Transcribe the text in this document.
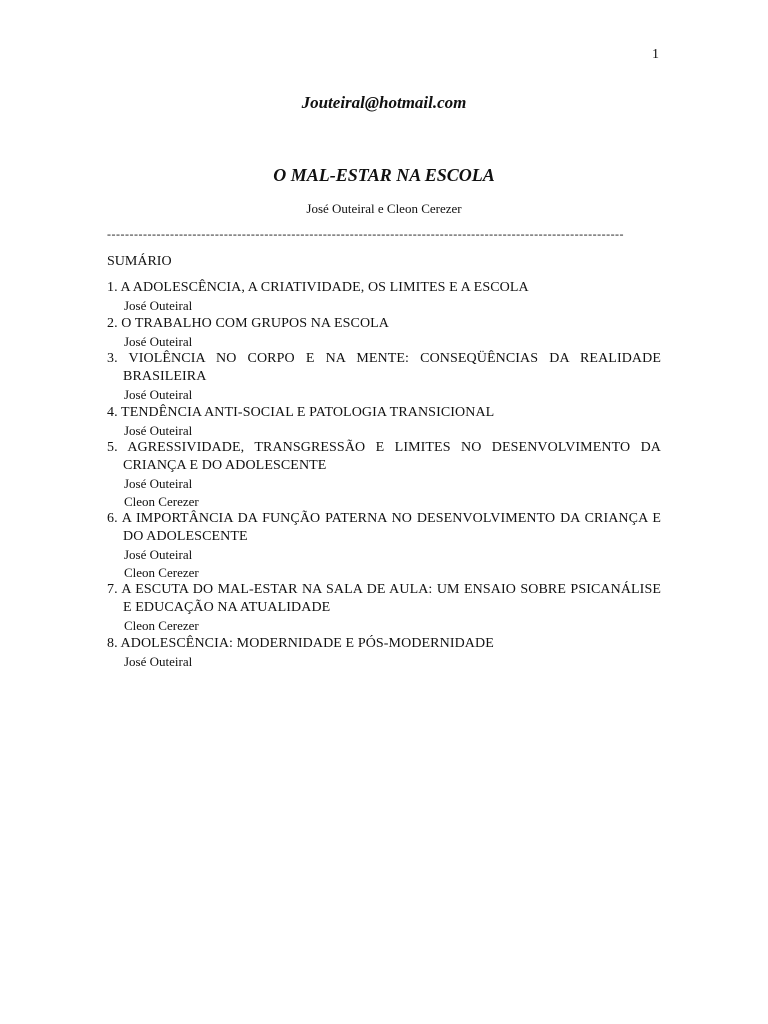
1
Jouteiral@hotmail.com
O MAL-ESTAR NA ESCOLA
José Outeiral e Cleon Cerezer
-------------------------------------------------------------------------------------------------------------------
SUMÁRIO
1. A ADOLESCÊNCIA, A CRIATIVIDADE, OS LIMITES E A ESCOLA
José Outeiral
2. O TRABALHO COM GRUPOS NA ESCOLA
José Outeiral
3. VIOLÊNCIA NO CORPO E NA MENTE: CONSEQÜÊNCIAS DA REALIDADE BRASILEIRA
José Outeiral
4. TENDÊNCIA ANTI-SOCIAL E PATOLOGIA TRANSICIONAL
José Outeiral
5. AGRESSIVIDADE, TRANSGRESSÃO E LIMITES NO DESENVOLVIMENTO DA CRIANÇA E DO ADOLESCENTE
José Outeiral
Cleon Cerezer
6. A IMPORTÂNCIA DA FUNÇÃO PATERNA NO DESENVOLVIMENTO DA CRIANÇA E DO ADOLESCENTE
José Outeiral
Cleon Cerezer
7. A ESCUTA DO MAL-ESTAR NA SALA DE AULA: UM ENSAIO SOBRE PSICANÁLISE E EDUCAÇÃO NA ATUALIDADE
Cleon Cerezer
8. ADOLESCÊNCIA: MODERNIDADE E PÓS-MODERNIDADE
José Outeiral
